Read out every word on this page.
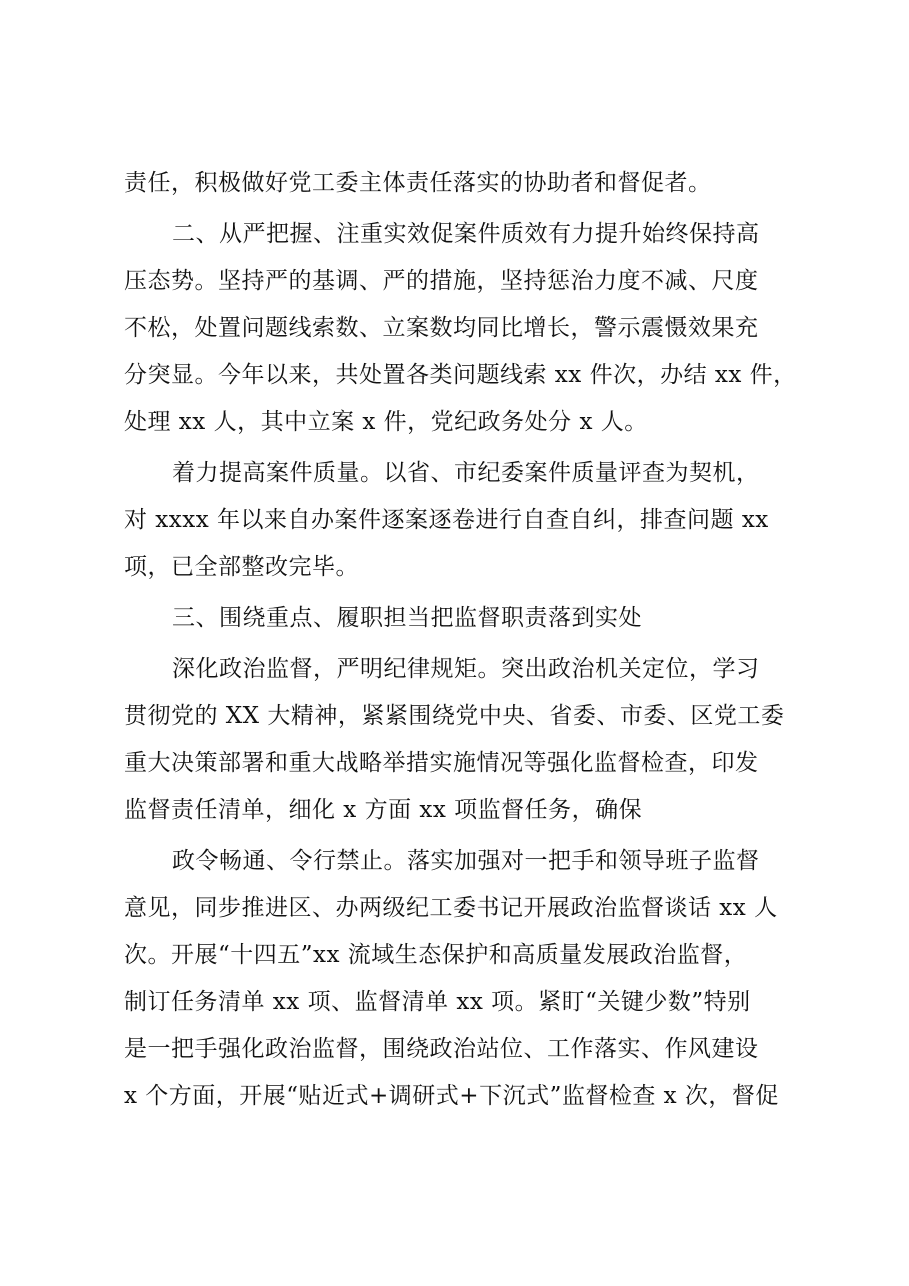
责任，积极做好党工委主体责任落实的协助者和督促者。
二、从严把握、注重实效促案件质效有力提升始终保持高
压态势。坚持严的基调、严的措施，坚持惩治力度不减、尺度
不松，处置问题线索数、立案数均同比增长，警示震慑效果充
分突显。今年以来，共处置各类问题线索 xx 件次，办结 xx 件，
处理 xx 人，其中立案 x 件，党纪政务处分 x 人。
着力提高案件质量。以省、市纪委案件质量评查为契机，
对 xxxx 年以来自办案件逐案逐卷进行自查自纠，排查问题 xx
项，已全部整改完毕。
三、围绕重点、履职担当把监督职责落到实处
深化政治监督，严明纪律规矩。突出政治机关定位，学习
贯彻党的 XX 大精神，紧紧围绕党中央、省委、市委、区党工委
重大决策部署和重大战略举措实施情况等强化监督检查，印发
监督责任清单，细化 x 方面 xx 项监督任务，确保
政令畅通、令行禁止。落实加强对一把手和领导班子监督
意见，同步推进区、办两级纪工委书记开展政治监督谈话 xx 人
次。开展“十四五”xx 流域生态保护和高质量发展政治监督，
制订任务清单 xx 项、监督清单 xx 项。紧盯“关键少数”特别
是一把手强化政治监督，围绕政治站位、工作落实、作风建设
x 个方面，开展“贴近式+调研式+下沉式”监督检查 x 次，督促
